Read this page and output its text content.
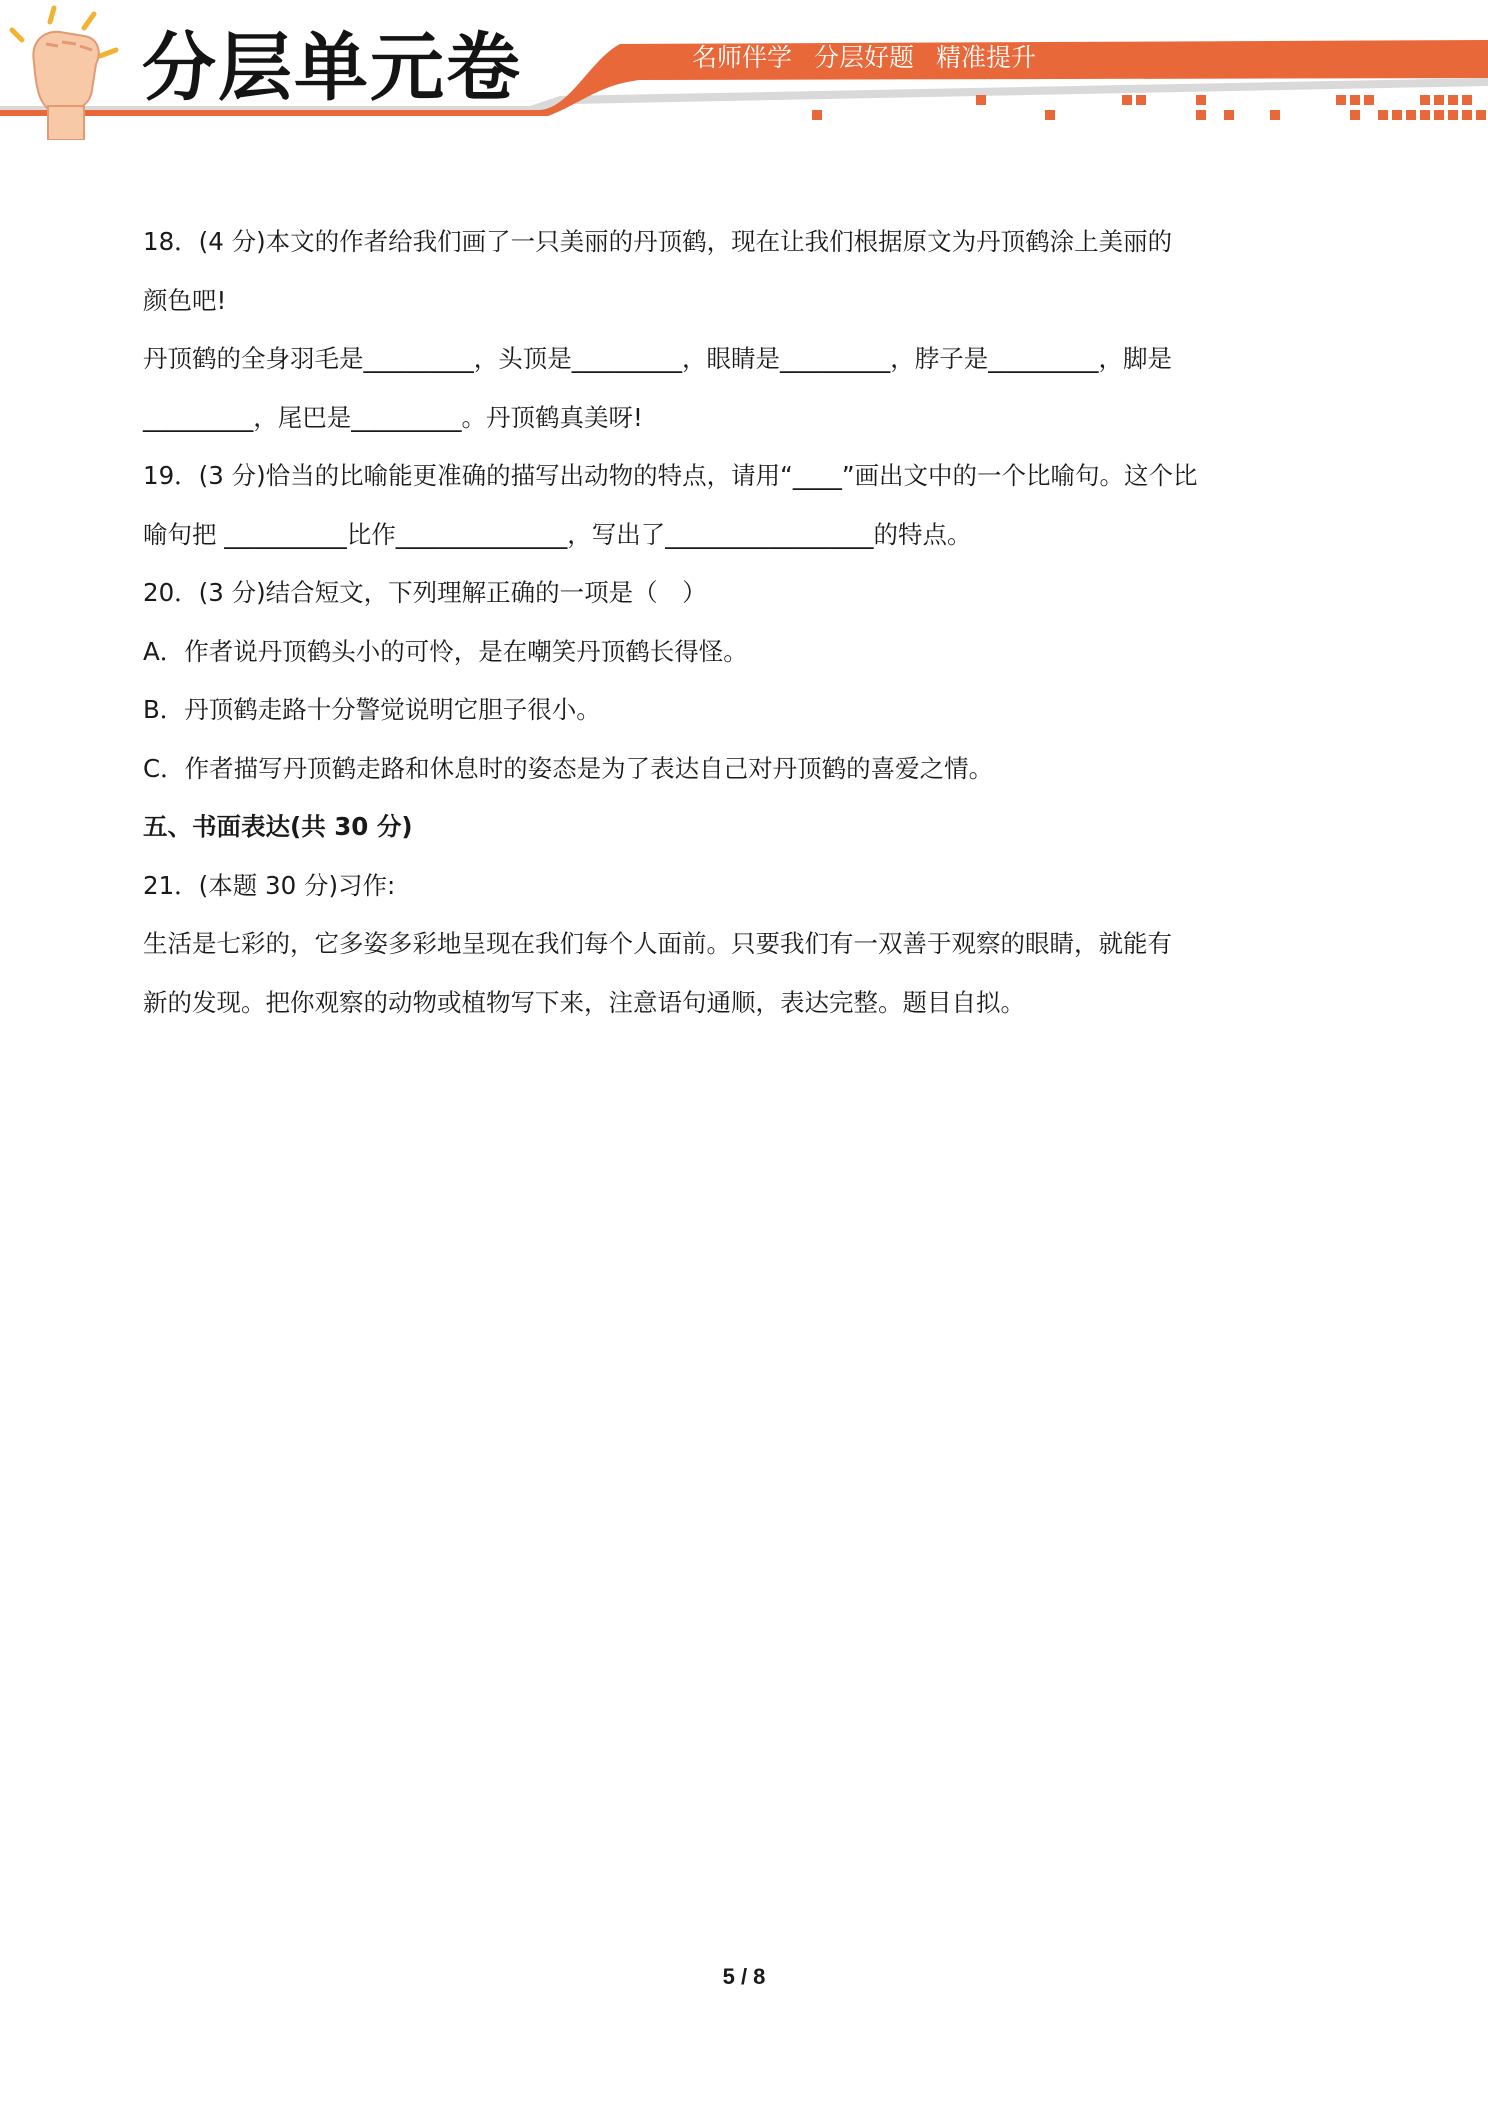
分层单元卷	名师伴学 分层好题 精准提升
18．(4 分)本文的作者给我们画了一只美丽的丹顶鹤，现在让我们根据原文为丹顶鹤涂上美丽的
颜色吧!
丹顶鹤的全身羽毛是_________，头顶是_________，眼睛是_________，脖子是_________，脚是
_________，尾巴是_________。丹顶鹤真美呀!
19．(3 分)恰当的比喻能更准确的描写出动物的特点，请用“____”画出文中的一个比喻句。这个比
喻句把 __________比作______________，写出了_________________的特点。
20．(3 分)结合短文，下列理解正确的一项是（　）
A．作者说丹顶鹤头小的可怜，是在嘲笑丹顶鹤长得怪。
B．丹顶鹤走路十分警觉说明它胆子很小。
C．作者描写丹顶鹤走路和休息时的姿态是为了表达自己对丹顶鹤的喜爱之情。
五、书面表达(共 30 分)
21．(本题 30 分)习作:
生活是七彩的，它多姿多彩地呈现在我们每个人面前。只要我们有一双善于观察的眼睛，就能有
新的发现。把你观察的动物或植物写下来，注意语句通顺，表达完整。题目自拟。
5 / 8
